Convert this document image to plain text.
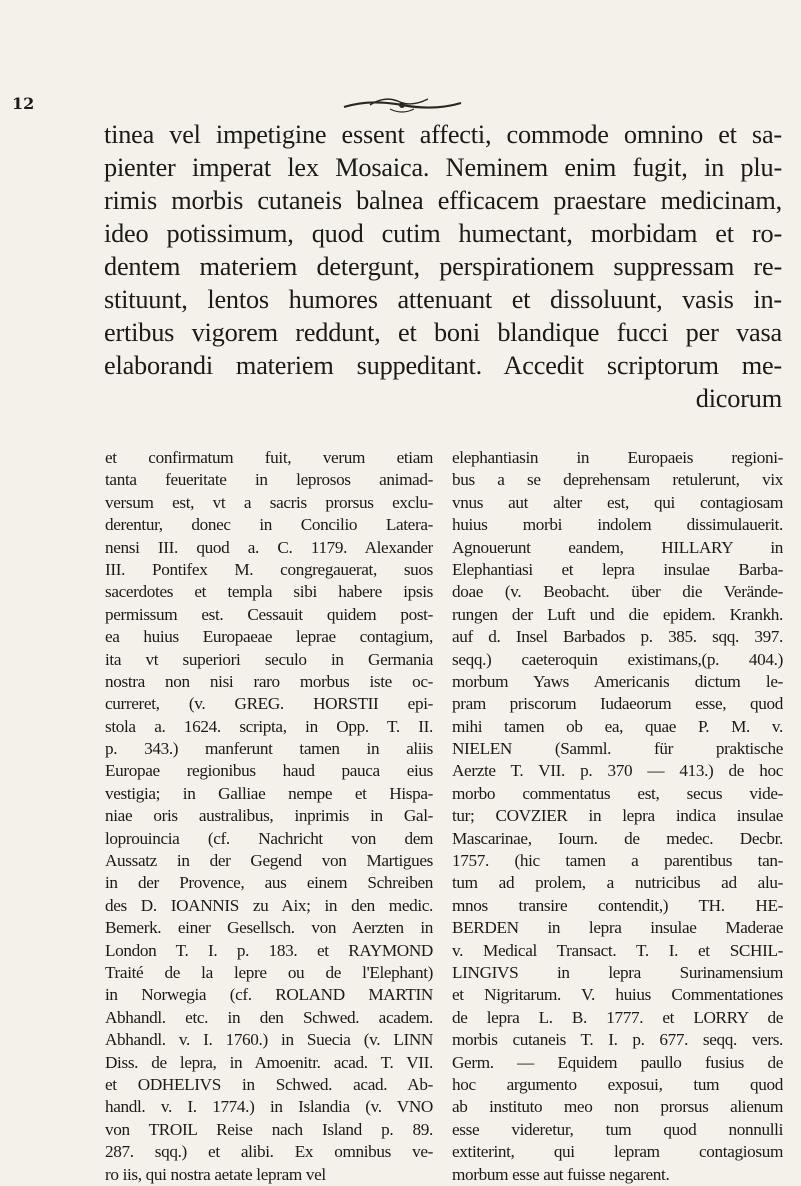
12
tinea vel impetigine essent affecti, commode omnino et sa-
pienter imperat lex Mosaica. Neminem enim fugit, in plu-
rimis morbis cutaneis balnea efficacem praestare medicinam,
ideo potissimum, quod cutim humectant, morbidam et ro-
dentem materiem detergunt, perspirationem suppressam re-
stituunt, lentos humores attenuant et dissoluunt, vasis in-
ertibus vigorem reddunt, et boni blandique fucci per vasa
elaborandi materiem suppeditant. Accedit scriptorum me-
dicorum
et confirmatum fuit, verum etiam
tanta feueritate in leprosos animad-
versum est, vt a sacris prorsus exclu-
derentur, donec in Concilio Latera-
nensi III. quod a. C. 1179. Alexander
III. Pontifex M. congregauerat, suos
sacerdotes et templa sibi habere ipsis
permissum est. Cessauit quidem post-
ea huius Europaeae leprae contagium,
ita vt superiori seculo in Germania
nostra non nisi raro morbus iste oc-
curreret, (v. GREG. HORSTII epi-
stola a. 1624. scripta, in Opp. T. II.
p. 343.) manferunt tamen in aliis
Europae regionibus haud pauca eius
vestigia; in Galliae nempe et Hispa-
niae oris australibus, inprimis in Gal-
loprouincia (cf. Nachricht von dem
Aussatz in der Gegend von Martigues
in der Provence, aus einem Schreiben
des D. IOANNIS zu Aix; in den medic.
Bemerk. einer Gesellsch. von Aerzten in
London T. I. p. 183. et RAYMOND
Traité de la lepre ou de l'Elephant)
in Norwegia (cf. ROLAND MARTIN
Abhandl. etc. in den Schwed. academ.
Abhandl. v. I. 1760.) in Suecia (v. LINN
Diss. de lepra, in Amoenitr. acad. T. VII.
et ODHELIVS in Schwed. acad. Ab-
handl. v. I. 1774.) in Islandia (v. VNO
von TROIL Reise nach Island p. 89.
287. sqq.) et alibi. Ex omnibus ve-
ro iis, qui nostra aetate lepram vel
elephantiasin in Europaeis regioni-
bus a se deprehensam retulerunt, vix
vnus aut alter est, qui contagiosam
huius morbi indolem dissimulauerit.
Agnouerunt eandem, HILLARY in
Elephantiasi et lepra insulae Barba-
doae (v. Beobacht. über die Verände-
rungen der Luft und die epidem. Krankh.
auf d. Insel Barbados p. 385. sqq. 397.
seqq.) caeteroquin existimans,(p. 404.)
morbum Yaws Americanis dictum le-
pram priscorum Iudaeorum esse, quod
mihi tamen ob ea, quae P. M. v.
NIELEN (Samml. für praktische
Aerzte T. VII. p. 370 — 413.) de hoc
morbo commentatus est, secus vide-
tur; COVZIER in lepra indica insulae
Mascarinae, Iourn. de medec. Decbr.
1757. (hic tamen a parentibus tan-
tum ad prolem, a nutricibus ad alu-
mnos transire contendit,) TH. HE-
BERDEN in lepra insulae Maderae
v. Medical Transact. T. I. et SCHIL-
LINGIVS in lepra Surinamensium
et Nigritarum. V. huius Commentationes
de lepra L. B. 1777. et LORRY de
morbis cutaneis T. I. p. 677. seqq. vers.
Germ. — Equidem paullo fusius de
hoc argumento exposui, tum quod
ab instituto meo non prorsus alienum
esse videretur, tum quod nonnulli
extiterint, qui lepram contagiosum
morbum esse aut fuisse negarent.
